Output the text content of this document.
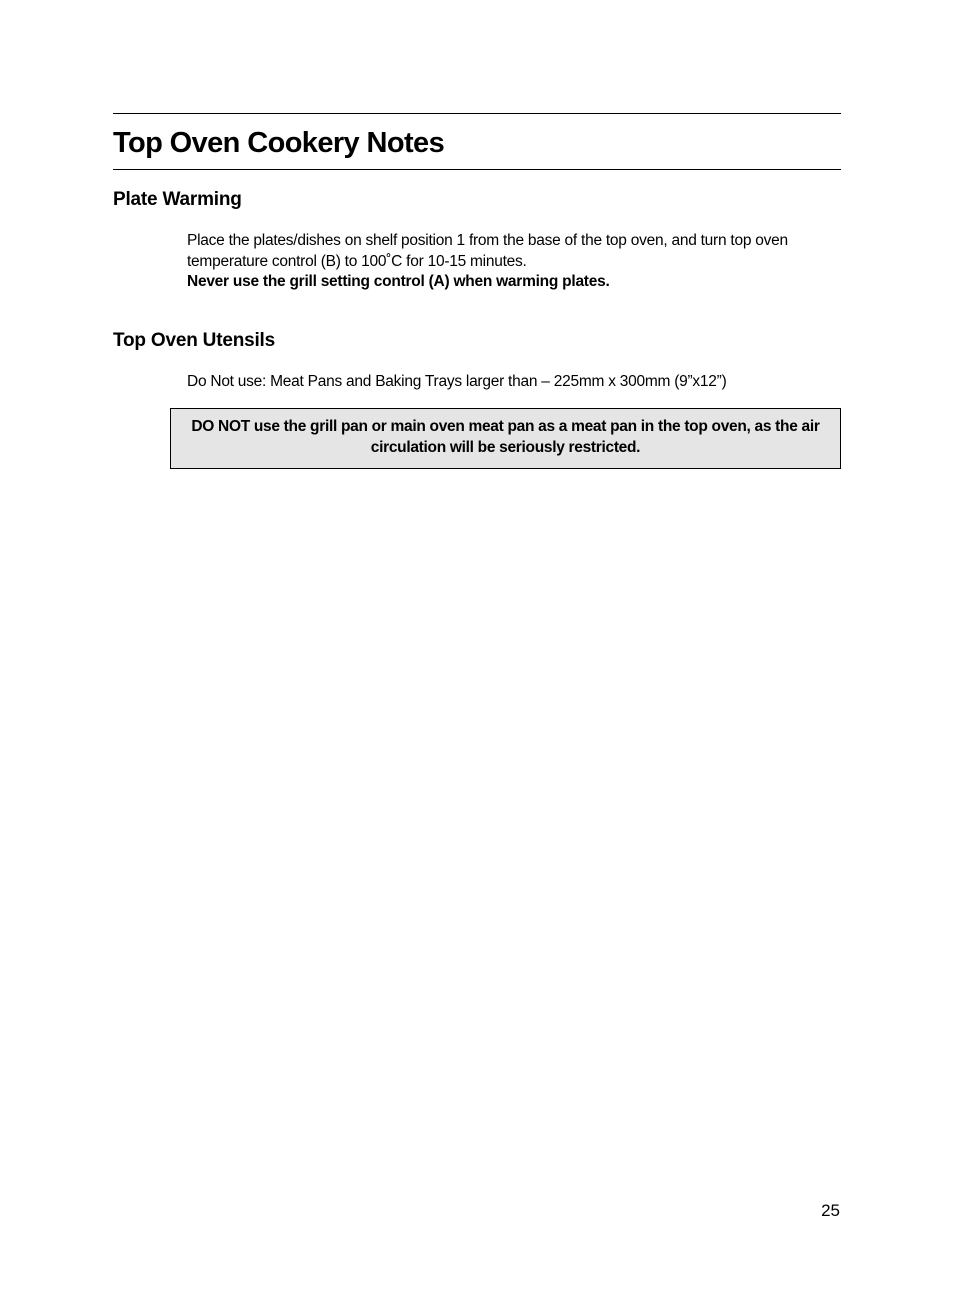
Top Oven Cookery Notes
Plate Warming

Place the plates/dishes on shelf position 1 from the base of the top oven, and turn top oven temperature control (B) to 100˚C for 10-15 minutes.
Never use the grill setting control (A) when warming plates.

Top Oven Utensils

Do Not use: Meat Pans and Baking Trays larger than – 225mm x 300mm (9”x12”)

DO NOT use the grill pan or main oven meat pan as a meat pan in the top oven, as the air circulation will be seriously restricted.

25
